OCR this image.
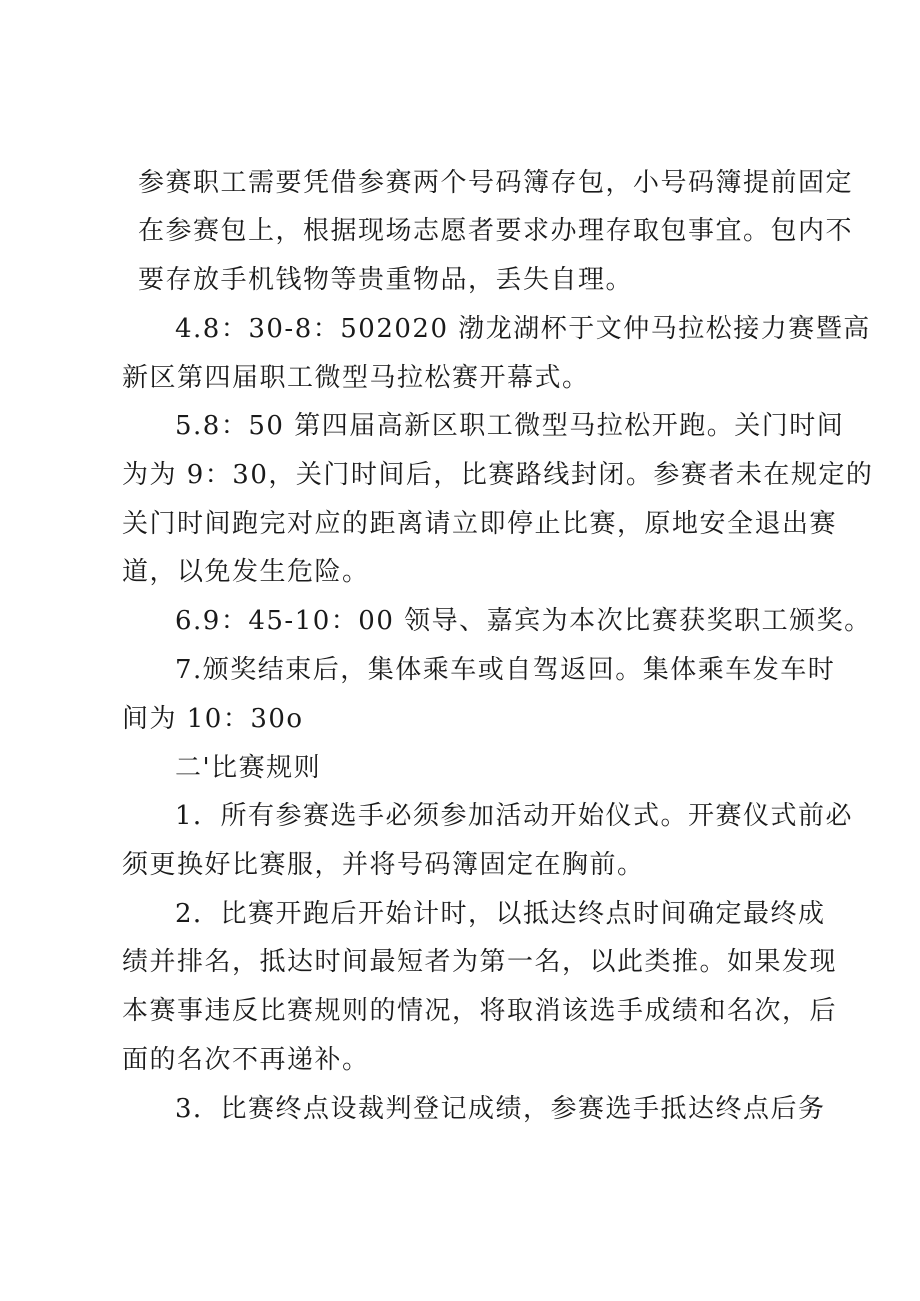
参赛职工需要凭借参赛两个号码簿存包，小号码簿提前固定
在参赛包上，根据现场志愿者要求办理存取包事宜。包内不
要存放手机钱物等贵重物品，丢失自理。
4.8：30-8：502020 渤龙湖杯于文仲马拉松接力赛暨高
新区第四届职工微型马拉松赛开幕式。
5.8：50 第四届高新区职工微型马拉松开跑。关门时间
为为 9：30，关门时间后，比赛路线封闭。参赛者未在规定的
关门时间跑完对应的距离请立即停止比赛，原地安全退出赛
道，以免发生危险。
6.9：45-10：00 领导、嘉宾为本次比赛获奖职工颁奖。
7.颁奖结束后，集体乘车或自驾返回。集体乘车发车时
间为 10：30o
二'比赛规则
1．所有参赛选手必须参加活动开始仪式。开赛仪式前必
须更换好比赛服，并将号码簿固定在胸前。
2．比赛开跑后开始计时，以抵达终点时间确定最终成
绩并排名，抵达时间最短者为第一名，以此类推。如果发现
本赛事违反比赛规则的情况，将取消该选手成绩和名次，后
面的名次不再递补。
3．比赛终点设裁判登记成绩，参赛选手抵达终点后务
